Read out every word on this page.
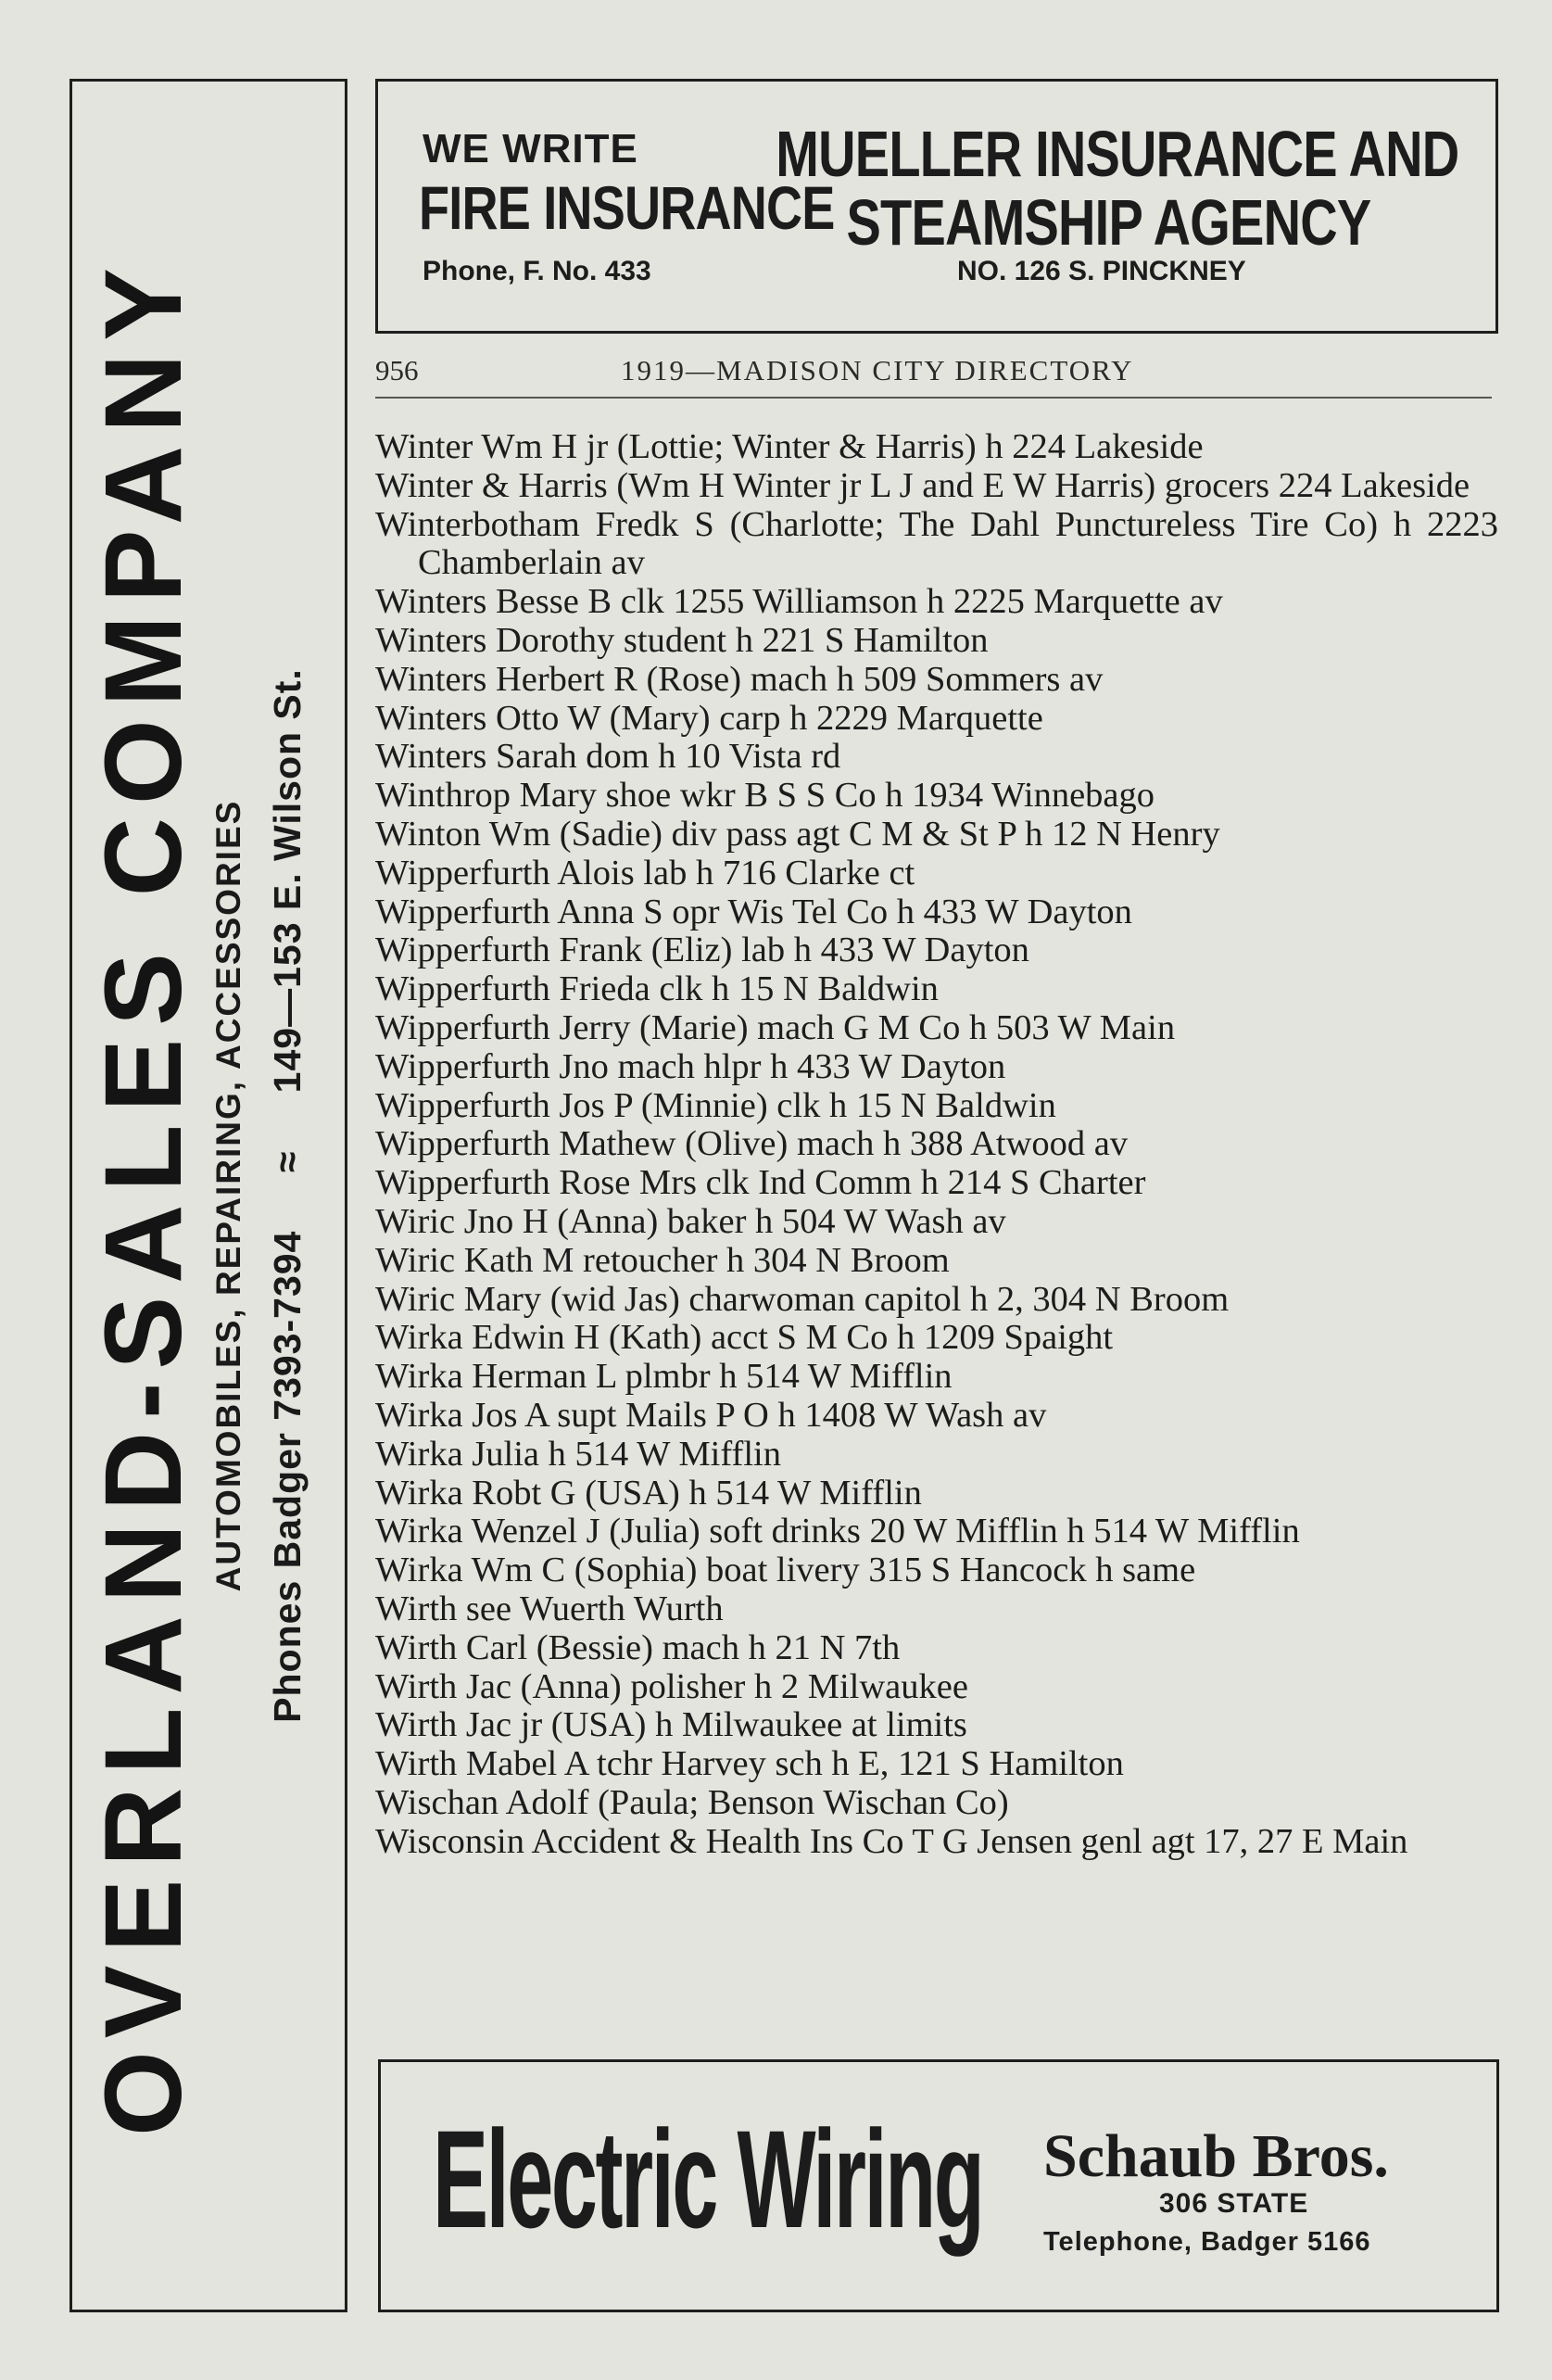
OVERLAND-SALES COMPANY AUTOMOBILES, REPAIRING, ACCESSORIES Phones Badger 7393-7394 ≈ 149—153 E. Wilson St.
WE WRITE
FIRE INSURANCE
Phone, F. No. 433
MUELLER INSURANCE AND
STEAMSHIP AGENCY
NO. 126 S. PINCKNEY
956	1919—MADISON CITY DIRECTORY
Winter Wm H jr (Lottie; Winter & Harris) h 224 Lakeside
Winter & Harris (Wm H Winter jr L J and E W Harris) grocers 224 Lakeside
Winterbotham Fredk S (Charlotte; The Dahl Punctureless Tire Co) h 2223 Chamberlain av
Winters Besse B clk 1255 Williamson h 2225 Marquette av
Winters Dorothy student h 221 S Hamilton
Winters Herbert R (Rose) mach h 509 Sommers av
Winters Otto W (Mary) carp h 2229 Marquette
Winters Sarah dom h 10 Vista rd
Winthrop Mary shoe wkr B S S Co h 1934 Winnebago
Winton Wm (Sadie) div pass agt C M & St P h 12 N Henry
Wipperfurth Alois lab h 716 Clarke ct
Wipperfurth Anna S opr Wis Tel Co h 433 W Dayton
Wipperfurth Frank (Eliz) lab h 433 W Dayton
Wipperfurth Frieda clk h 15 N Baldwin
Wipperfurth Jerry (Marie) mach G M Co h 503 W Main
Wipperfurth Jno mach hlpr h 433 W Dayton
Wipperfurth Jos P (Minnie) clk h 15 N Baldwin
Wipperfurth Mathew (Olive) mach h 388 Atwood av
Wipperfurth Rose Mrs clk Ind Comm h 214 S Charter
Wiric Jno H (Anna) baker h 504 W Wash av
Wiric Kath M retoucher h 304 N Broom
Wiric Mary (wid Jas) charwoman capitol h 2, 304 N Broom
Wirka Edwin H (Kath) acct S M Co h 1209 Spaight
Wirka Herman L plmbr h 514 W Mifflin
Wirka Jos A supt Mails P O h 1408 W Wash av
Wirka Julia h 514 W Mifflin
Wirka Robt G (USA) h 514 W Mifflin
Wirka Wenzel J (Julia) soft drinks 20 W Mifflin h 514 W Mifflin
Wirka Wm C (Sophia) boat livery 315 S Hancock h same
Wirth see Wuerth Wurth
Wirth Carl (Bessie) mach h 21 N 7th
Wirth Jac (Anna) polisher h 2 Milwaukee
Wirth Jac jr (USA) h Milwaukee at limits
Wirth Mabel A tchr Harvey sch h E, 121 S Hamilton
Wischan Adolf (Paula; Benson Wischan Co)
Wisconsin Accident & Health Ins Co T G Jensen genl agt 17, 27 E Main
Electric Wiring Schaub Bros.
306 STATE
Telephone, Badger 5166
